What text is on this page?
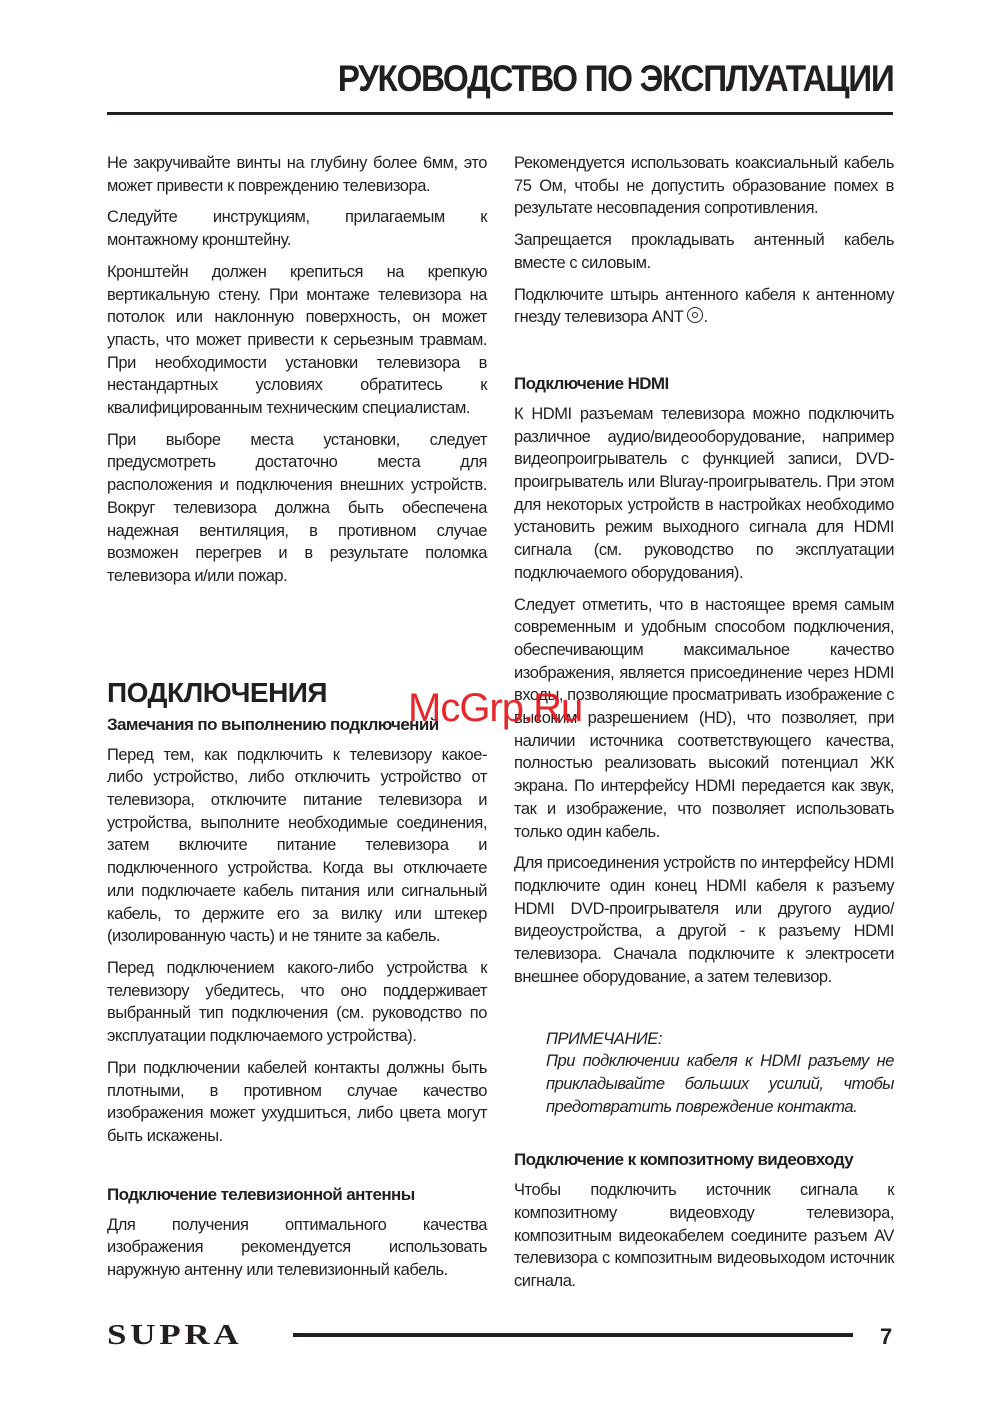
РУКОВОДСТВО ПО ЭКСПЛУАТАЦИИ

Не закручивайте винты на глубину более 6мм, это может привести к повреждению телевизора.

Следуйте инструкциям, прилагаемым к монтажному кронштейну.

Кронштейн должен крепиться на крепкую вертикальную стену. При монтаже телевизора на потолок или наклонную поверхность, он может упасть, что может привести к серьезным травмам. При необходимости установки телевизора в нестандартных условиях обратитесь к квалифицированным техническим специалистам.

При выборе места установки, следует предусмотреть достаточно места для расположения и подключения внешних устройств. Вокруг телевизора должна быть обеспечена надежная вентиляция, в противном случае возможен перегрев и в результате поломка телевизора и/или пожар.

ПОДКЛЮЧЕНИЯ
Замечания по выполнению подключений

Перед тем, как подключить к телевизору какое-либо устройство, либо отключить устройство от телевизора, отключите питание телевизора и устройства, выполните необходимые соединения, затем включите питание телевизора и подключенного устройства. Когда вы отключаете или подключаете кабель питания или сигнальный кабель, то держите его за вилку или штекер (изолированную часть) и не тяните за кабель.

Перед подключением какого-либо устройства к телевизору убедитесь, что оно поддерживает выбранный тип подключения (см. руководство по эксплуатации подключаемого устройства).

При подключении кабелей контакты должны быть плотными, в противном случае качество изображения может ухудшиться, либо цвета могут быть искажены.

Подключение телевизионной антенны

Для получения оптимального качества изображения рекомендуется использовать наружную антенну или телевизионный кабель.

Рекомендуется использовать коаксиальный кабель 75 Ом, чтобы не допустить образование помех в результате несовпадения сопротивления.

Запрещается прокладывать антенный кабель вместе с силовым.

Подключите штырь антенного кабеля к антенному гнезду телевизора ANT .

Подключение HDMI

К HDMI разъемам телевизора можно подключить различное аудио/видеооборудование, например видеопроигрыватель с функцией записи, DVD-проигрыватель или Bluray-проигрыватель. При этом для некоторых устройств в настройках необходимо установить режим выходного сигнала для HDMI сигнала (см. руководство по эксплуатации подключаемого оборудования).

Следует отметить, что в настоящее время самым современным и удобным способом подключения, обеспечивающим максимальное качество изображения, является присоединение через HDMI входы, позволяющие просматривать изображение с высоким разрешением (HD), что позволяет, при наличии источника соответствующего качества, полностью реализовать высокий потенциал ЖК экрана. По интерфейсу HDMI передается как звук, так и изображение, что позволяет использовать только один кабель.

Для присоединения устройств по интерфейсу HDMI подключите один конец HDMI кабеля к разъему HDMI DVD-проигрывателя или другого аудио/видеоустройства, а другой - к разъему HDMI телевизора. Сначала подключите к электросети внешнее оборудование, а затем телевизор.

ПРИМЕЧАНИЕ:

При подключении кабеля к HDMI разъему не прикладывайте больших усилий, чтобы предотвратить повреждение контакта.

Подключение к композитному видеовходу

Чтобы подключить источник сигнала к композитному видеовходу телевизора, композитным видеокабелем соедините разъем AV телевизора с композитным видеовыходом источник сигнала.

McGrp.Ru
SUPRA	7
